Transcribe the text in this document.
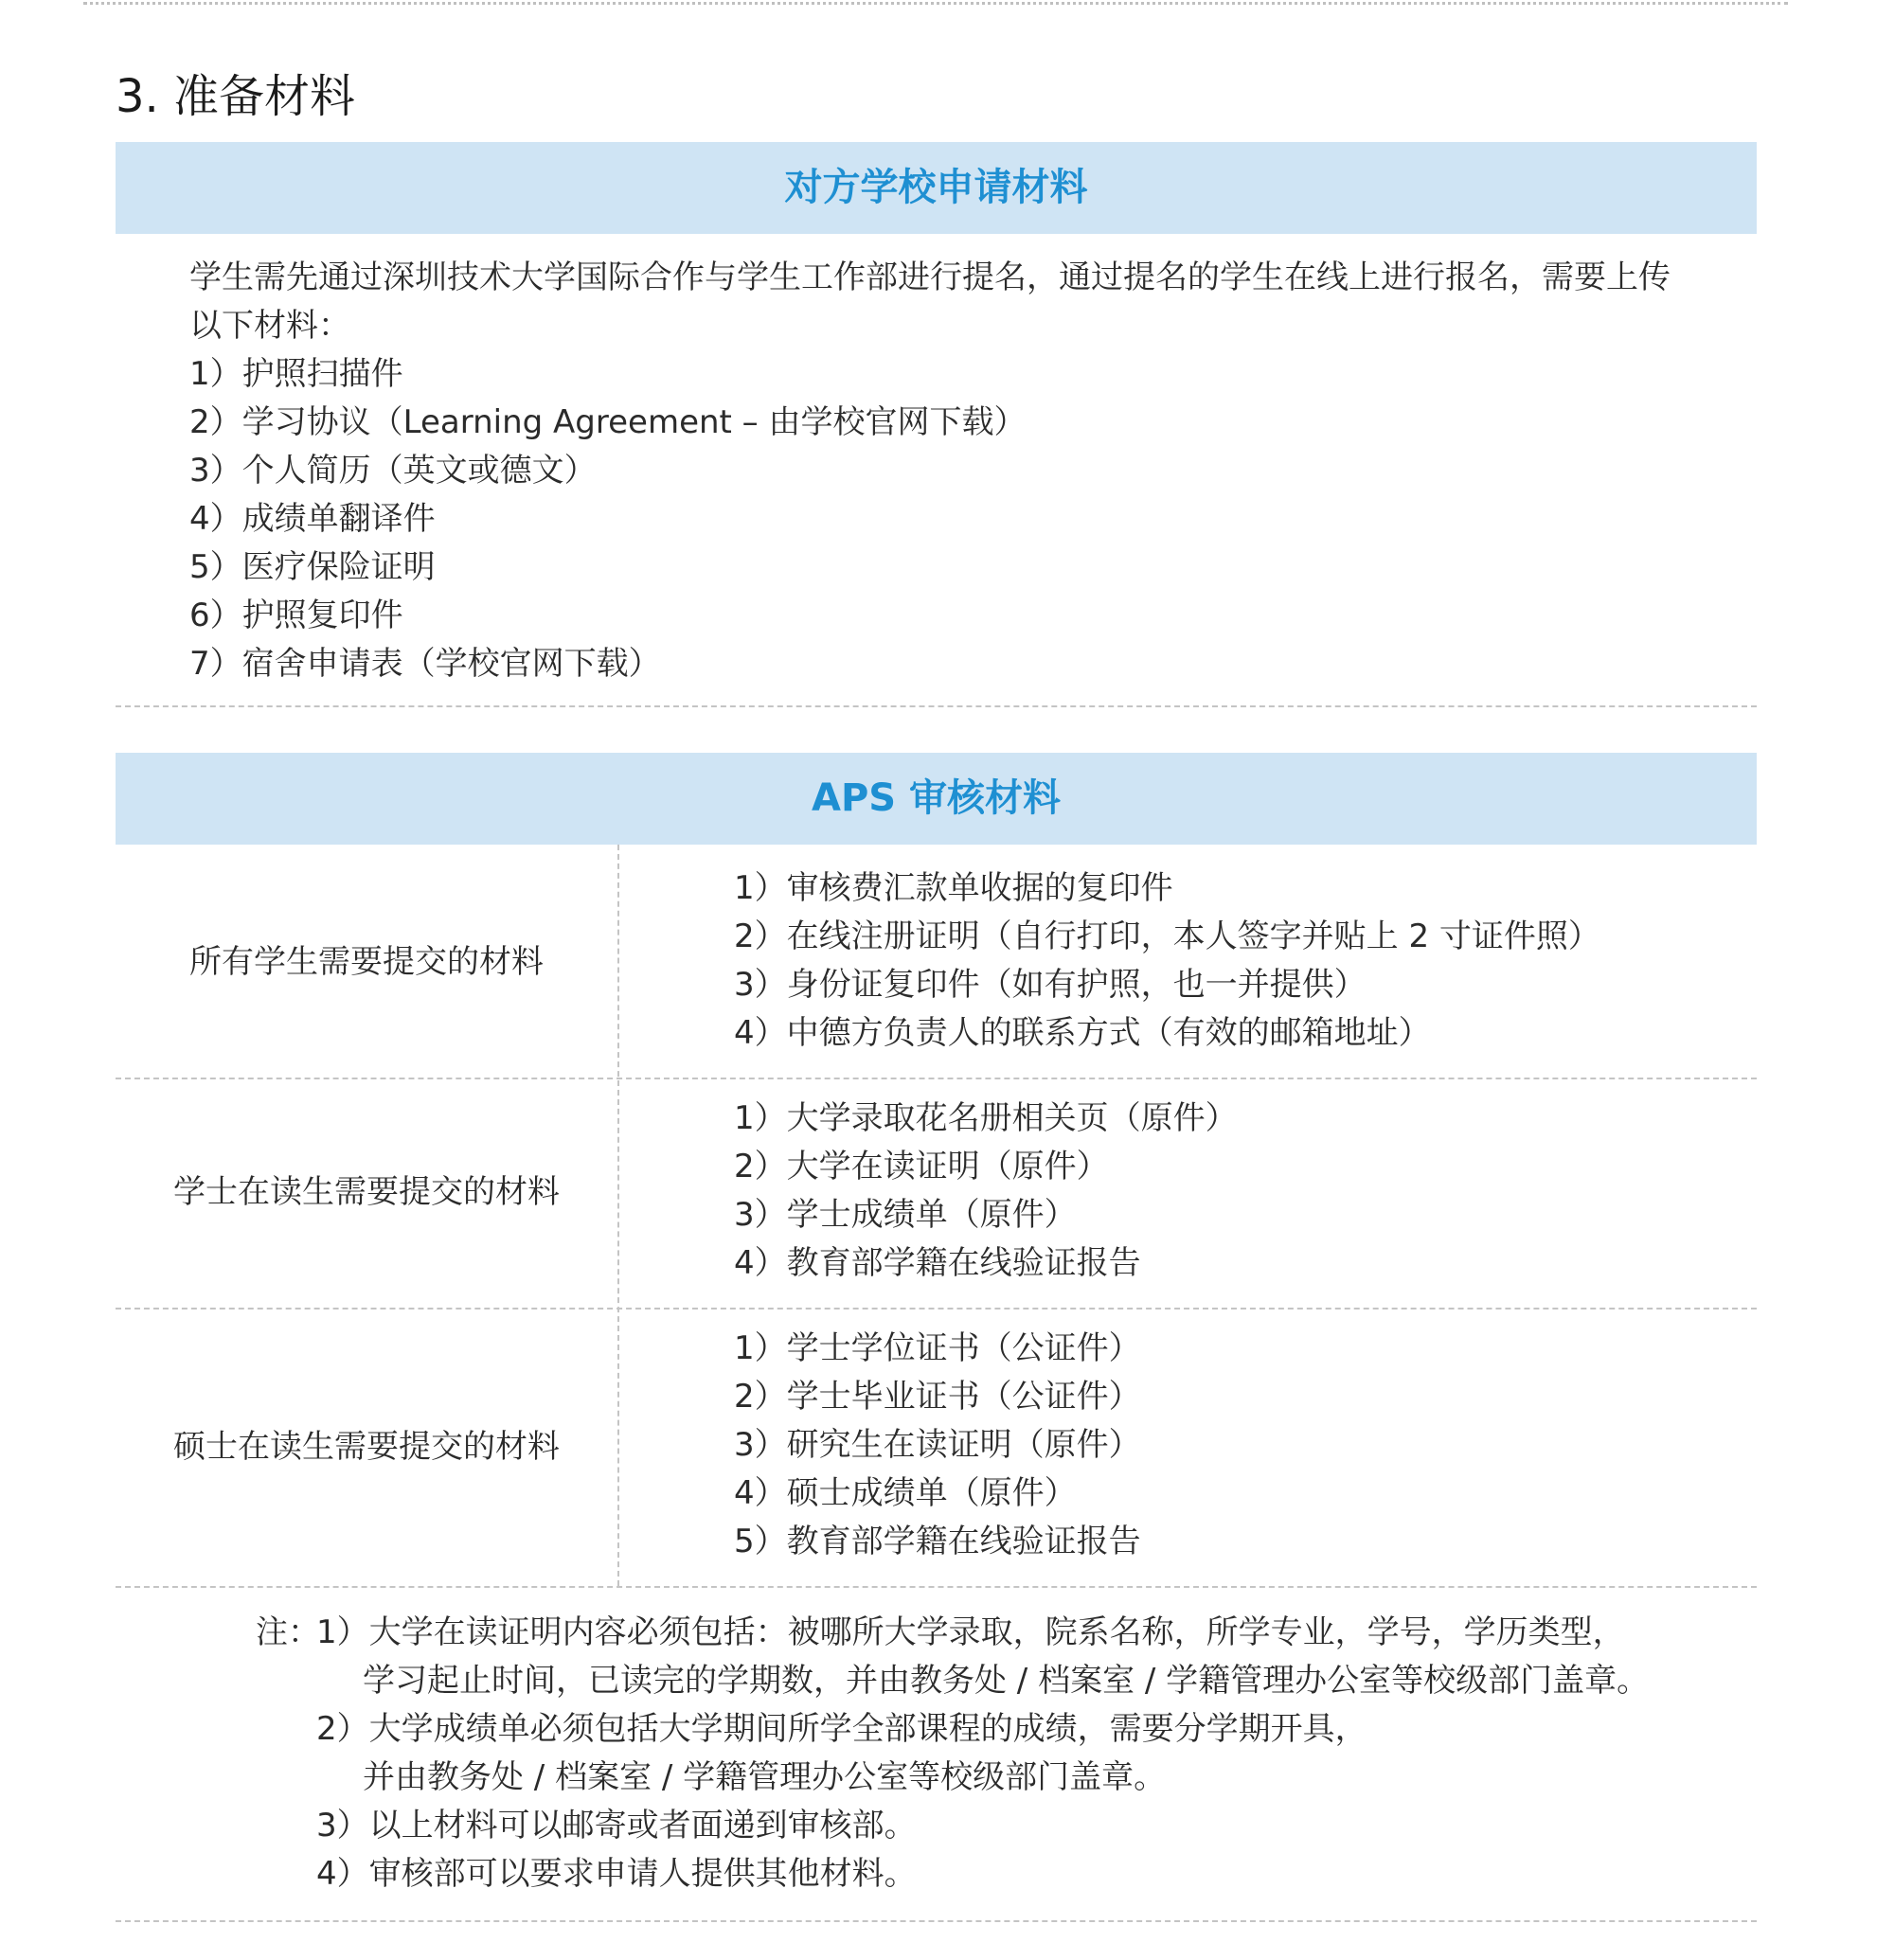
3. 准备材料
对方学校申请材料
学生需先通过深圳技术大学国际合作与学生工作部进行提名，通过提名的学生在线上进行报名，需要上传
以下材料：
1）护照扫描件
2）学习协议（Learning Agreement – 由学校官网下载）
3）个人简历（英文或德文）
4）成绩单翻译件
5）医疗保险证明
6）护照复印件
7）宿舍申请表（学校官网下载）
APS 审核材料
所有学生需要提交的材料
1）审核费汇款单收据的复印件
2）在线注册证明（自行打印，本人签字并贴上 2 寸证件照）
3）身份证复印件（如有护照，也一并提供）
4）中德方负责人的联系方式（有效的邮箱地址）
学士在读生需要提交的材料
1）大学录取花名册相关页（原件）
2）大学在读证明（原件）
3）学士成绩单（原件）
4）教育部学籍在线验证报告
硕士在读生需要提交的材料
1）学士学位证书（公证件）
2）学士毕业证书（公证件）
3）研究生在读证明（原件）
4）硕士成绩单（原件）
5）教育部学籍在线验证报告
注：1）大学在读证明内容必须包括：被哪所大学录取，院系名称，所学专业，学号，学历类型，
学习起止时间，已读完的学期数，并由教务处 / 档案室 / 学籍管理办公室等校级部门盖章。
2）大学成绩单必须包括大学期间所学全部课程的成绩，需要分学期开具，
并由教务处 / 档案室 / 学籍管理办公室等校级部门盖章。
3）以上材料可以邮寄或者面递到审核部。
4）审核部可以要求申请人提供其他材料。
